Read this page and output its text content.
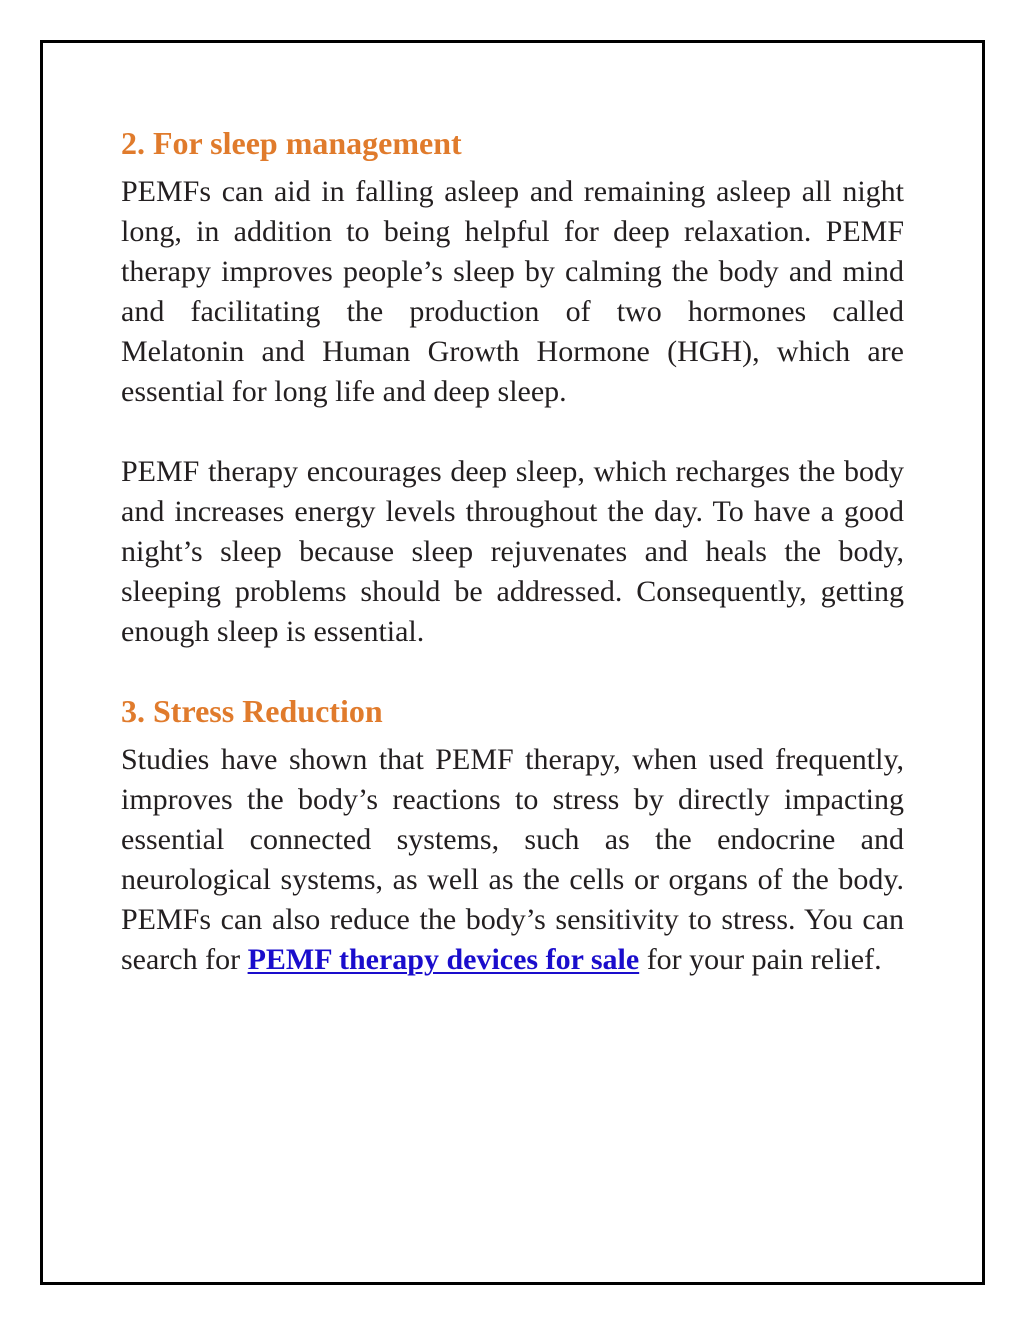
2. For sleep management

PEMFs can aid in falling asleep and remaining asleep all night long, in addition to being helpful for deep relaxation. PEMF therapy improves people’s sleep by calming the body and mind and facilitating the production of two hormones called Melatonin and Human Growth Hormone (HGH), which are essential for long life and deep sleep.

PEMF therapy encourages deep sleep, which recharges the body and increases energy levels throughout the day. To have a good night’s sleep because sleep rejuvenates and heals the body, sleeping problems should be addressed. Consequently, getting enough sleep is essential.

3. Stress Reduction

Studies have shown that PEMF therapy, when used frequently, improves the body’s reactions to stress by directly impacting essential connected systems, such as the endocrine and neurological systems, as well as the cells or organs of the body. PEMFs can also reduce the body’s sensitivity to stress. You can search for PEMF therapy devices for sale for your pain relief.
